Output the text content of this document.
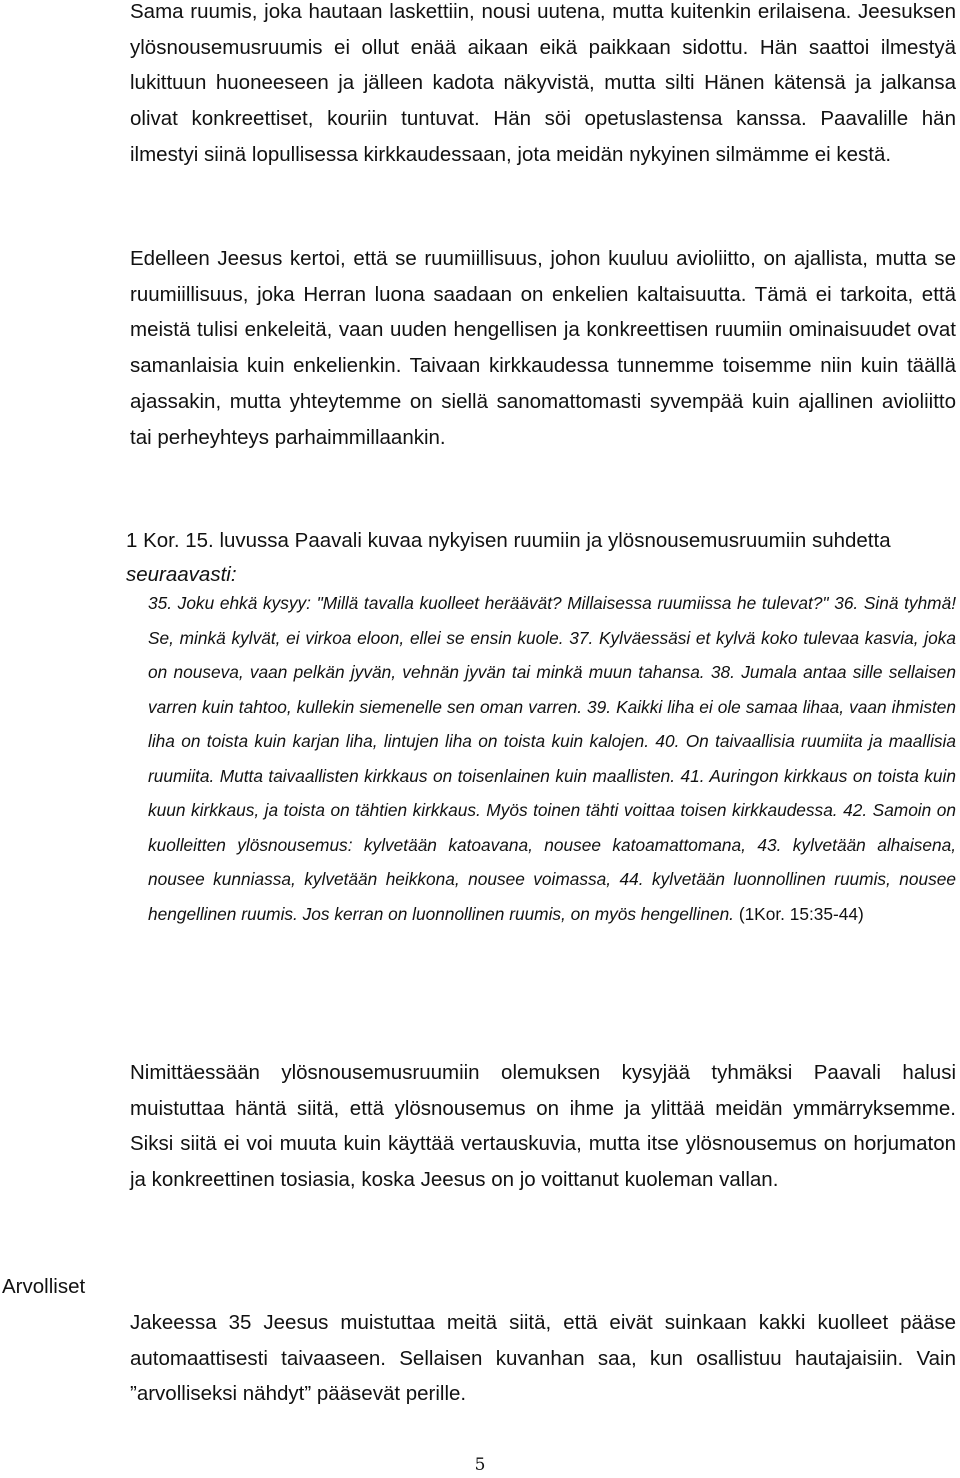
Sama ruumis, joka hautaan laskettiin, nousi uutena, mutta kuitenkin erilaisena. Jeesuksen ylösnousemusruumis ei ollut enää aikaan eikä paikkaan sidottu. Hän saattoi ilmestyä lukittuun huoneeseen ja jälleen kadota näkyvistä, mutta silti Hänen kätensä ja jalkansa olivat konkreettiset, kouriin tuntuvat. Hän söi opetuslastensa kanssa. Paavalille hän ilmestyi siinä lopullisessa kirkkaudessaan, jota meidän nykyinen silmämme ei kestä.

Edelleen Jeesus kertoi, että se ruumiillisuus, johon kuuluu avioliitto, on ajallista, mutta se ruumiillisuus, joka Herran luona saadaan on enkelien kaltaisuutta. Tämä ei tarkoita, että meistä tulisi enkeleitä, vaan uuden hengellisen ja konkreettisen ruumiin ominaisuudet ovat samanlaisia kuin enkelienkin. Taivaan kirkkaudessa tunnemme toisemme niin kuin täällä ajassakin, mutta yhteytemme on siellä sanomattomasti syvempää kuin ajallinen avioliitto tai perheyhteys parhaimmillaankin.

1 Kor. 15. luvussa Paavali kuvaa nykyisen ruumiin ja ylösnousemusruumiin suhdetta seuraavasti:

35. Joku ehkä kysyy: "Millä tavalla kuolleet heräävät? Millaisessa ruumiissa he tulevat?" 36. Sinä tyhmä! Se, minkä kylvät, ei virkoa eloon, ellei se ensin kuole. 37. Kylväessäsi et kylvä koko tulevaa kasvia, joka on nouseva, vaan pelkän jyvän, vehnän jyvän tai minkä muun tahansa. 38. Jumala antaa sille sellaisen varren kuin tahtoo, kullekin siemenelle sen oman varren. 39. Kaikki liha ei ole samaa lihaa, vaan ihmisten liha on toista kuin karjan liha, lintujen liha on toista kuin kalojen. 40. On taivaallisia ruumiita ja maallisia ruumiita. Mutta taivaallisten kirkkaus on toisenlainen kuin maallisten. 41. Auringon kirkkaus on toista kuin kuun kirkkaus, ja toista on tähtien kirkkaus. Myös toinen tähti voittaa toisen kirkkaudessa. 42. Samoin on kuolleitten ylösnousemus: kylvetään katoavana, nousee katoamattomana, 43. kylvetään alhaisena, nousee kunniassa, kylvetään heikkona, nousee voimassa, 44. kylvetään luonnollinen ruumis, nousee hengellinen ruumis. Jos kerran on luonnollinen ruumis, on myös hengellinen. (1Kor. 15:35-44)

Nimittäessään ylösnousemusruumiin olemuksen kysyjää tyhmäksi Paavali halusi muistuttaa häntä siitä, että ylösnousemus on ihme ja ylittää meidän ymmärryksemme. Siksi siitä ei voi muuta kuin käyttää vertauskuvia, mutta itse ylösnousemus on horjumaton ja konkreettinen tosiasia, koska Jeesus on jo voittanut kuoleman vallan.

Arvolliset

Jakeessa 35 Jeesus muistuttaa meitä siitä, että eivät suinkaan kakki kuolleet pääse automaattisesti taivaaseen. Sellaisen kuvanhan saa, kun osallistuu hautajaisiin. Vain ”arvolliseksi nähdyt” pääsevät perille.

5
